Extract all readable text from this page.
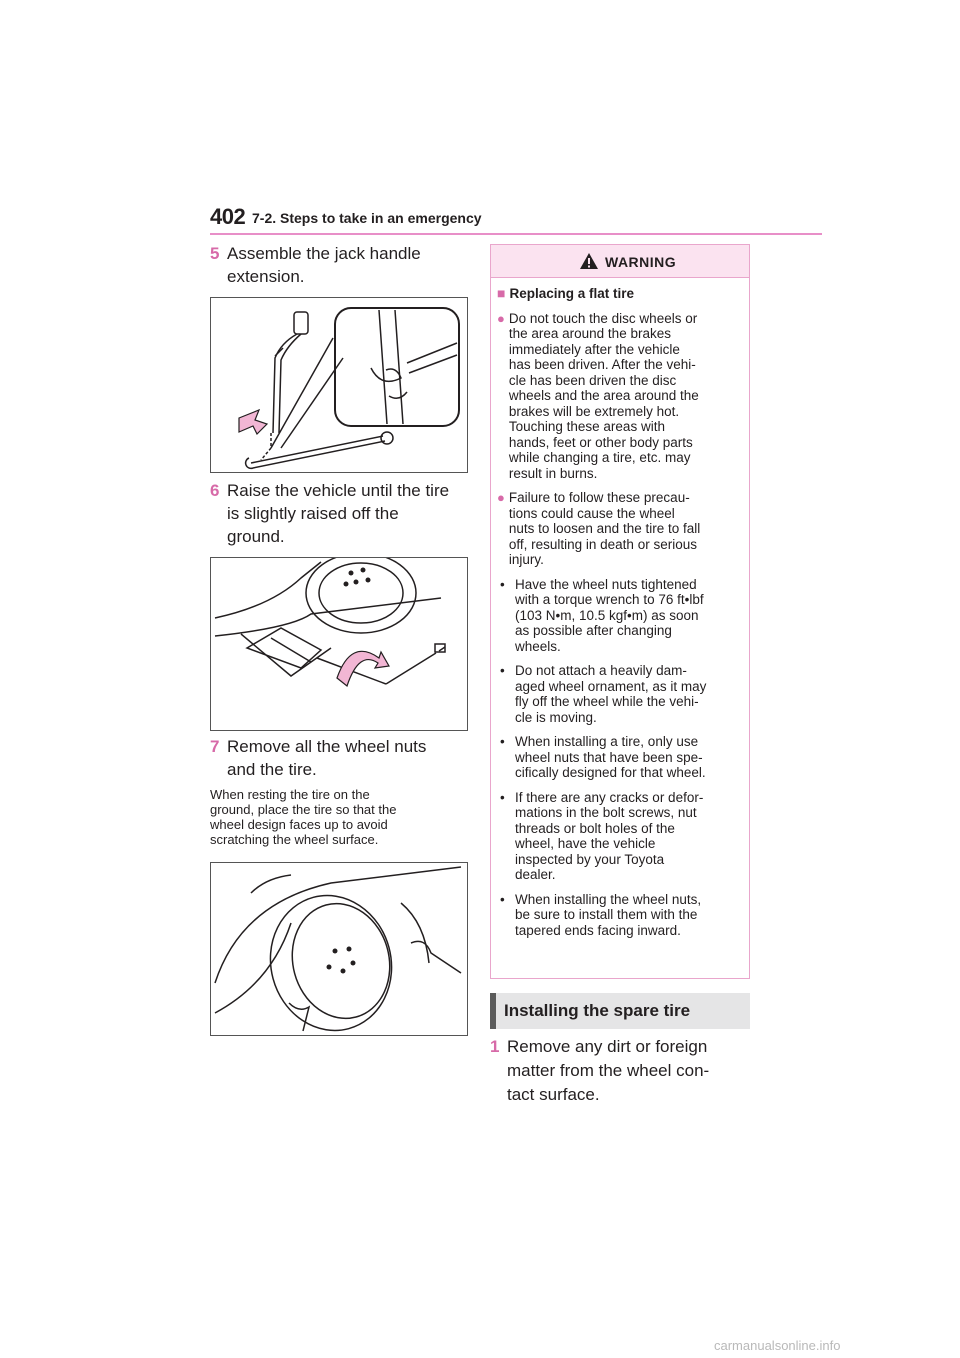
402 7-2. Steps to take in an emergency
5 Assemble the jack handle
extension.
6 Raise the vehicle until the tire
is slightly raised off the
ground.
7 Remove all the wheel nuts
and the tire.
When resting the tire on the
ground, place the tire so that the
wheel design faces up to avoid
scratching the wheel surface.
WARNING
■ Replacing a flat tire
● Do not touch the disc wheels or
the area around the brakes
immediately after the vehicle
has been driven. After the vehi-
cle has been driven the disc
wheels and the area around the
brakes will be extremely hot.
Touching these areas with
hands, feet or other body parts
while changing a tire, etc. may
result in burns.
● Failure to follow these precau-
tions could cause the wheel
nuts to loosen and the tire to fall
off, resulting in death or serious
injury.
• Have the wheel nuts tightened
with a torque wrench to 76 ft•lbf
(103 N•m, 10.5 kgf•m) as soon
as possible after changing
wheels.
• Do not attach a heavily dam-
aged wheel ornament, as it may
fly off the wheel while the vehi-
cle is moving.
• When installing a tire, only use
wheel nuts that have been spe-
cifically designed for that wheel.
• If there are any cracks or defor-
mations in the bolt screws, nut
threads or bolt holes of the
wheel, have the vehicle
inspected by your Toyota
dealer.
• When installing the wheel nuts,
be sure to install them with the
tapered ends facing inward.
Installing the spare tire
1 Remove any dirt or foreign
matter from the wheel con-
tact surface.
carmanualsonline.info
